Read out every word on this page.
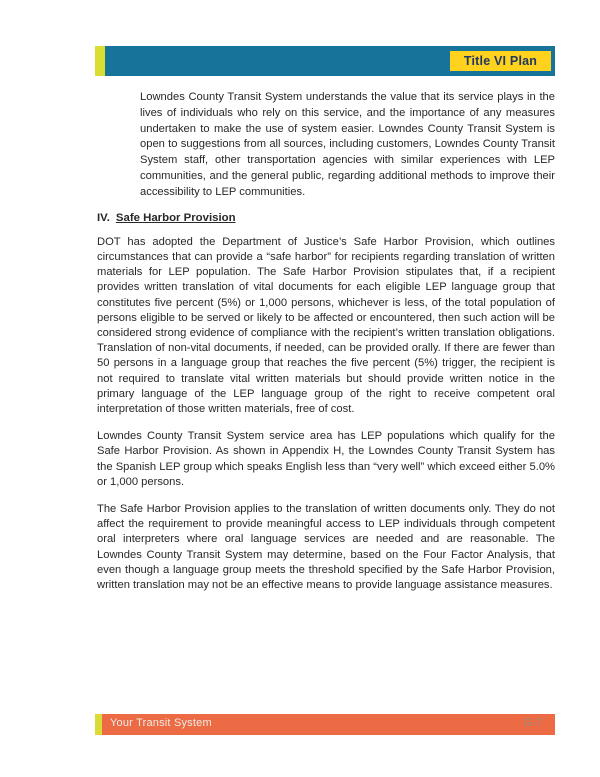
Title VI Plan

Lowndes County Transit System understands the value that its service plays in the lives of individuals who rely on this service, and the importance of any measures undertaken to make the use of system easier. Lowndes County Transit System is open to suggestions from all sources, including customers, Lowndes County Transit System staff, other transportation agencies with similar experiences with LEP communities, and the general public, regarding additional methods to improve their accessibility to LEP communities.

IV. Safe Harbor Provision

DOT has adopted the Department of Justice’s Safe Harbor Provision, which outlines circumstances that can provide a “safe harbor” for recipients regarding translation of written materials for LEP population. The Safe Harbor Provision stipulates that, if a recipient provides written translation of vital documents for each eligible LEP language group that constitutes five percent (5%) or 1,000 persons, whichever is less, of the total population of persons eligible to be served or likely to be affected or encountered, then such action will be considered strong evidence of compliance with the recipient’s written translation obligations. Translation of non-vital documents, if needed, can be provided orally. If there are fewer than 50 persons in a language group that reaches the five percent (5%) trigger, the recipient is not required to translate vital written materials but should provide written notice in the primary language of the LEP language group of the right to receive competent oral interpretation of those written materials, free of cost.

Lowndes County Transit System service area has LEP populations which qualify for the Safe Harbor Provision. As shown in Appendix H, the Lowndes County Transit System has the Spanish LEP group which speaks English less than “very well” which exceed either 5.0% or 1,000 persons.

The Safe Harbor Provision applies to the translation of written documents only. They do not affect the requirement to provide meaningful access to LEP individuals through competent oral interpreters where oral language services are needed and are reasonable. The Lowndes County Transit System may determine, based on the Four Factor Analysis, that even though a language group meets the threshold specified by the Safe Harbor Provision, written translation may not be an effective means to provide language assistance measures.

Your Transit System	G-7
